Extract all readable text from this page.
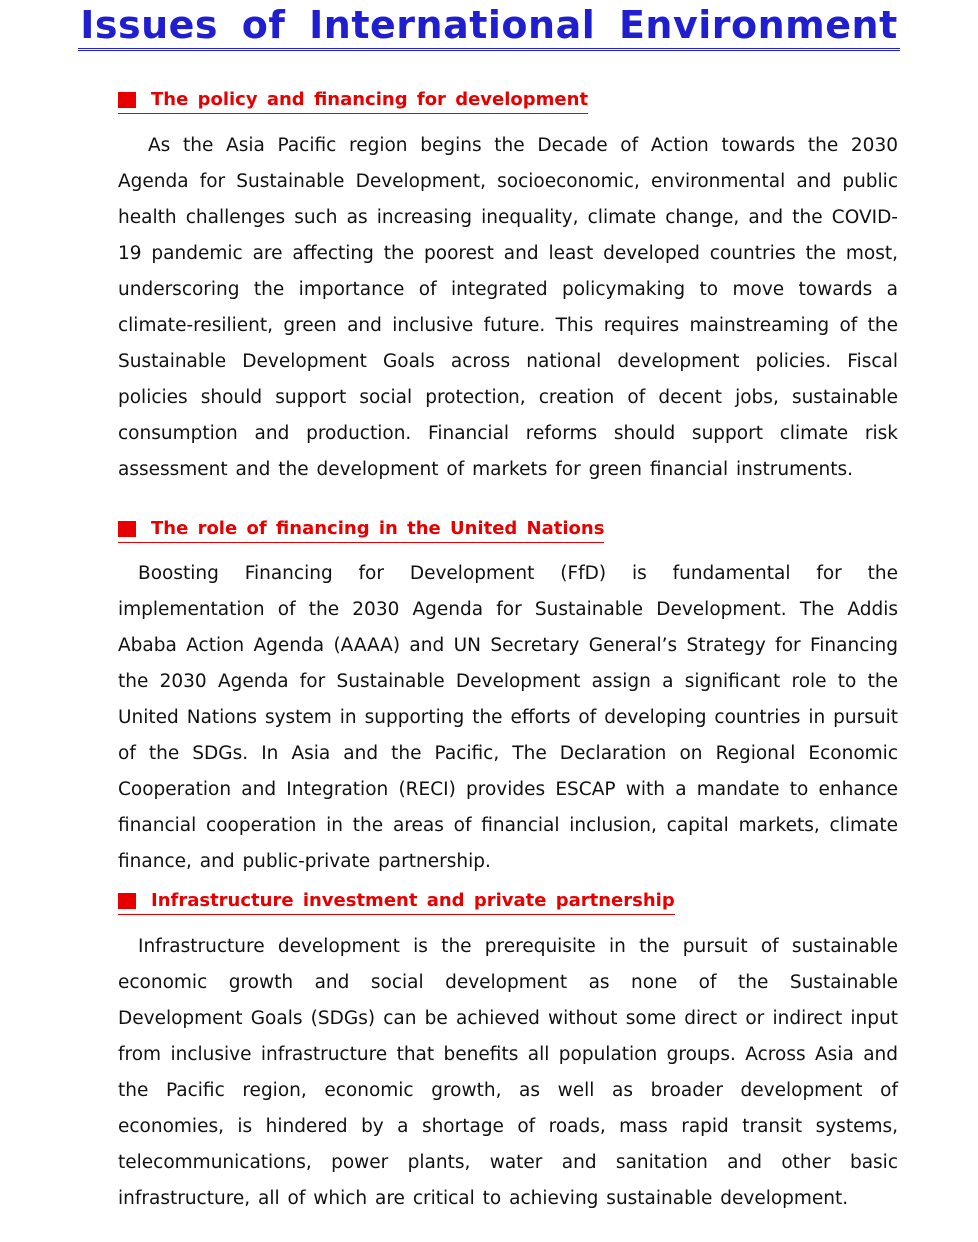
Issues of International Environment
The policy and financing for development

As the Asia Pacific region begins the Decade of Action towards the 2030 Agenda for Sustainable Development, socioeconomic, environmental and public health challenges such as increasing inequality, climate change, and the COVID-19 pandemic are affecting the poorest and least developed countries the most, underscoring the importance of integrated policymaking to move towards a climate-resilient, green and inclusive future. This requires mainstreaming of the Sustainable Development Goals across national development policies. Fiscal policies should support social protection, creation of decent jobs, sustainable consumption and production. Financial reforms should support climate risk assessment and the development of markets for green financial instruments.

The role of financing in the United Nations

Boosting Financing for Development (FfD) is fundamental for the implementation of the 2030 Agenda for Sustainable Development. The Addis Ababa Action Agenda (AAAA) and UN Secretary General’s Strategy for Financing the 2030 Agenda for Sustainable Development assign a significant role to the United Nations system in supporting the efforts of developing countries in pursuit of the SDGs. In Asia and the Pacific, The Declaration on Regional Economic Cooperation and Integration (RECI) provides ESCAP with a mandate to enhance financial cooperation in the areas of financial inclusion, capital markets, climate finance, and public-private partnership.

Infrastructure investment and private partnership

Infrastructure development is the prerequisite in the pursuit of sustainable economic growth and social development as none of the Sustainable Development Goals (SDGs) can be achieved without some direct or indirect input from inclusive infrastructure that benefits all population groups. Across Asia and the Pacific region, economic growth, as well as broader development of economies, is hindered by a shortage of roads, mass rapid transit systems, telecommunications, power plants, water and sanitation and other basic infrastructure, all of which are critical to achieving sustainable development.
